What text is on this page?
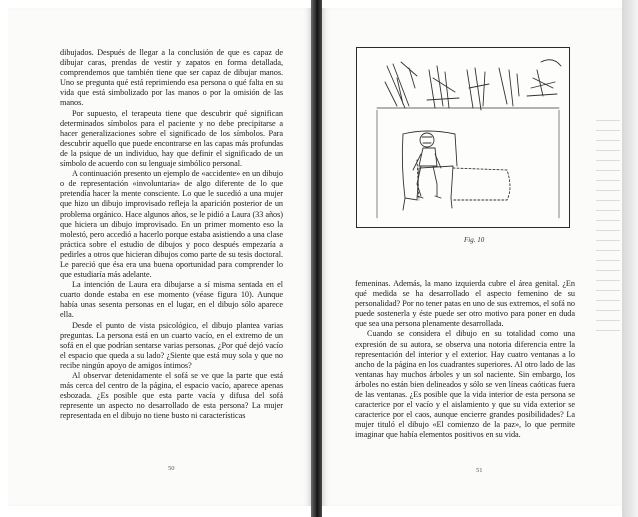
dibujados. Después de llegar a la conclusión de que es capaz de dibujar caras, prendas de vestir y zapatos en forma detallada, comprendemos que también tiene que ser capaz de dibujar manos. Uno se pregunta qué está reprimiendo esa persona o qué falta en su vida que está simbolizado por las manos o por la omisión de las manos.

Por supuesto, el terapeuta tiene que descubrir qué significan determinados símbolos para el paciente y no debe precipitarse a hacer generalizaciones sobre el significado de los símbolos. Para descubrir aquello que puede encontrarse en las capas más profundas de la psique de un individuo, hay que definir el significado de un símbolo de acuerdo con su lenguaje simbólico personal.

A continuación presento un ejemplo de «accidente» en un dibujo o de representación «involuntaria» de algo diferente de lo que pretendía hacer la mente consciente. Lo que le sucedió a una mujer que hizo un dibujo improvisado refleja la aparición posterior de un problema orgánico. Hace algunos años, se le pidió a Laura (33 años) que hiciera un dibujo improvisado. En un primer momento eso la molestó, pero accedió a hacerlo porque estaba asistiendo a una clase práctica sobre el estudio de dibujos y poco después empezaría a pedirles a otros que hicieran dibujos como parte de su tesis doctoral. Le pareció que ésa era una buena oportunidad para comprender lo que estudiaría más adelante.

La intención de Laura era dibujarse a sí misma sentada en el cuarto donde estaba en ese momento (véase figura 10). Aunque había unas sesenta personas en el lugar, en el dibujo sólo aparece ella.

Desde el punto de vista psicológico, el dibujo plantea varias preguntas. La persona está en un cuarto vacío, en el extremo de un sofá en el que podrían sentarse varias personas. ¿Por qué dejó vacío el espacio que queda a su lado? ¿Siente que está muy sola y que no recibe ningún apoyo de amigos íntimos?

Al observar detenidamente el sofá se ve que la parte que está más cerca del centro de la página, el espacio vacío, aparece apenas esbozada. ¿Es posible que esta parte vacía y difusa del sofá represente un aspecto no desarrollado de esta persona? La mujer representada en el dibujo no tiene busto ni características

50
Fig. 10

femeninas. Además, la mano izquierda cubre el área genital. ¿En qué medida se ha desarrollado el aspecto femenino de su personalidad? Por no tener patas en uno de sus extremos, el sofá no puede sostenerla y éste puede ser otro motivo para poner en duda que sea una persona plenamente desarrollada.

Cuando se considera el dibujo en su totalidad como una expresión de su autora, se observa una notoria diferencia entre la representación del interior y el exterior. Hay cuatro ventanas a lo ancho de la página en los cuadrantes superiores. Al otro lado de las ventanas hay muchos árboles y un sol naciente. Sin embargo, los árboles no están bien delineados y sólo se ven líneas caóticas fuera de las ventanas. ¿Es posible que la vida interior de esta persona se caracterice por el vacío y el aislamiento y que su vida exterior se caracterice por el caos, aunque encierre grandes posibilidades? La mujer tituló el dibujo «El comienzo de la paz», lo que permite imaginar que había elementos positivos en su vida.

51
